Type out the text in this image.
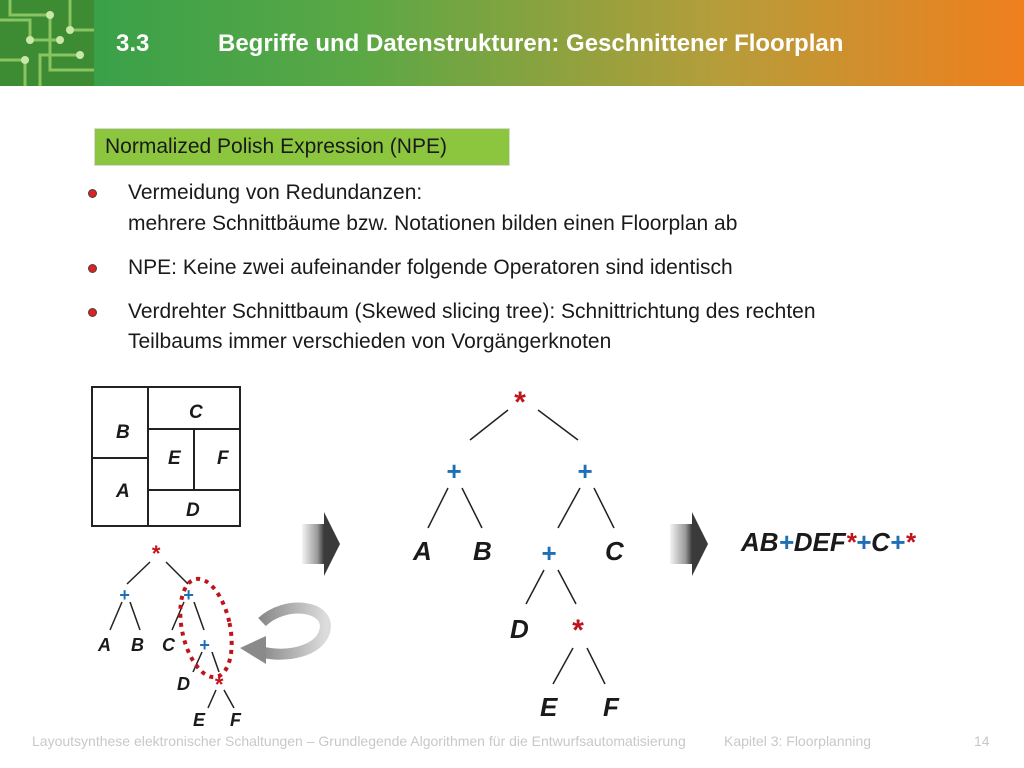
3.3	Begriffe und Datenstrukturen: Geschnittener Floorplan
Normalized Polish Expression (NPE)
Vermeidung von Redundanzen:
mehrere Schnittbäume bzw. Notationen bilden einen Floorplan ab
NPE: Keine zwei aufeinander folgende Operatoren sind identisch
Verdrehter Schnittbaum (Skewed slicing tree): Schnittrichtung des rechten
Teilbaums immer verschieden von Vorgängerknoten
B
A
C
E F
D
*
+	+
A B C +
D *
E F
*
+	+
A B + C
D *
E F
AB+DEF*+C+*
Layoutsynthese elektronischer Schaltungen – Grundlegende Algorithmen für die Entwurfsautomatisierung	Kapitel 3: Floorplanning	14
